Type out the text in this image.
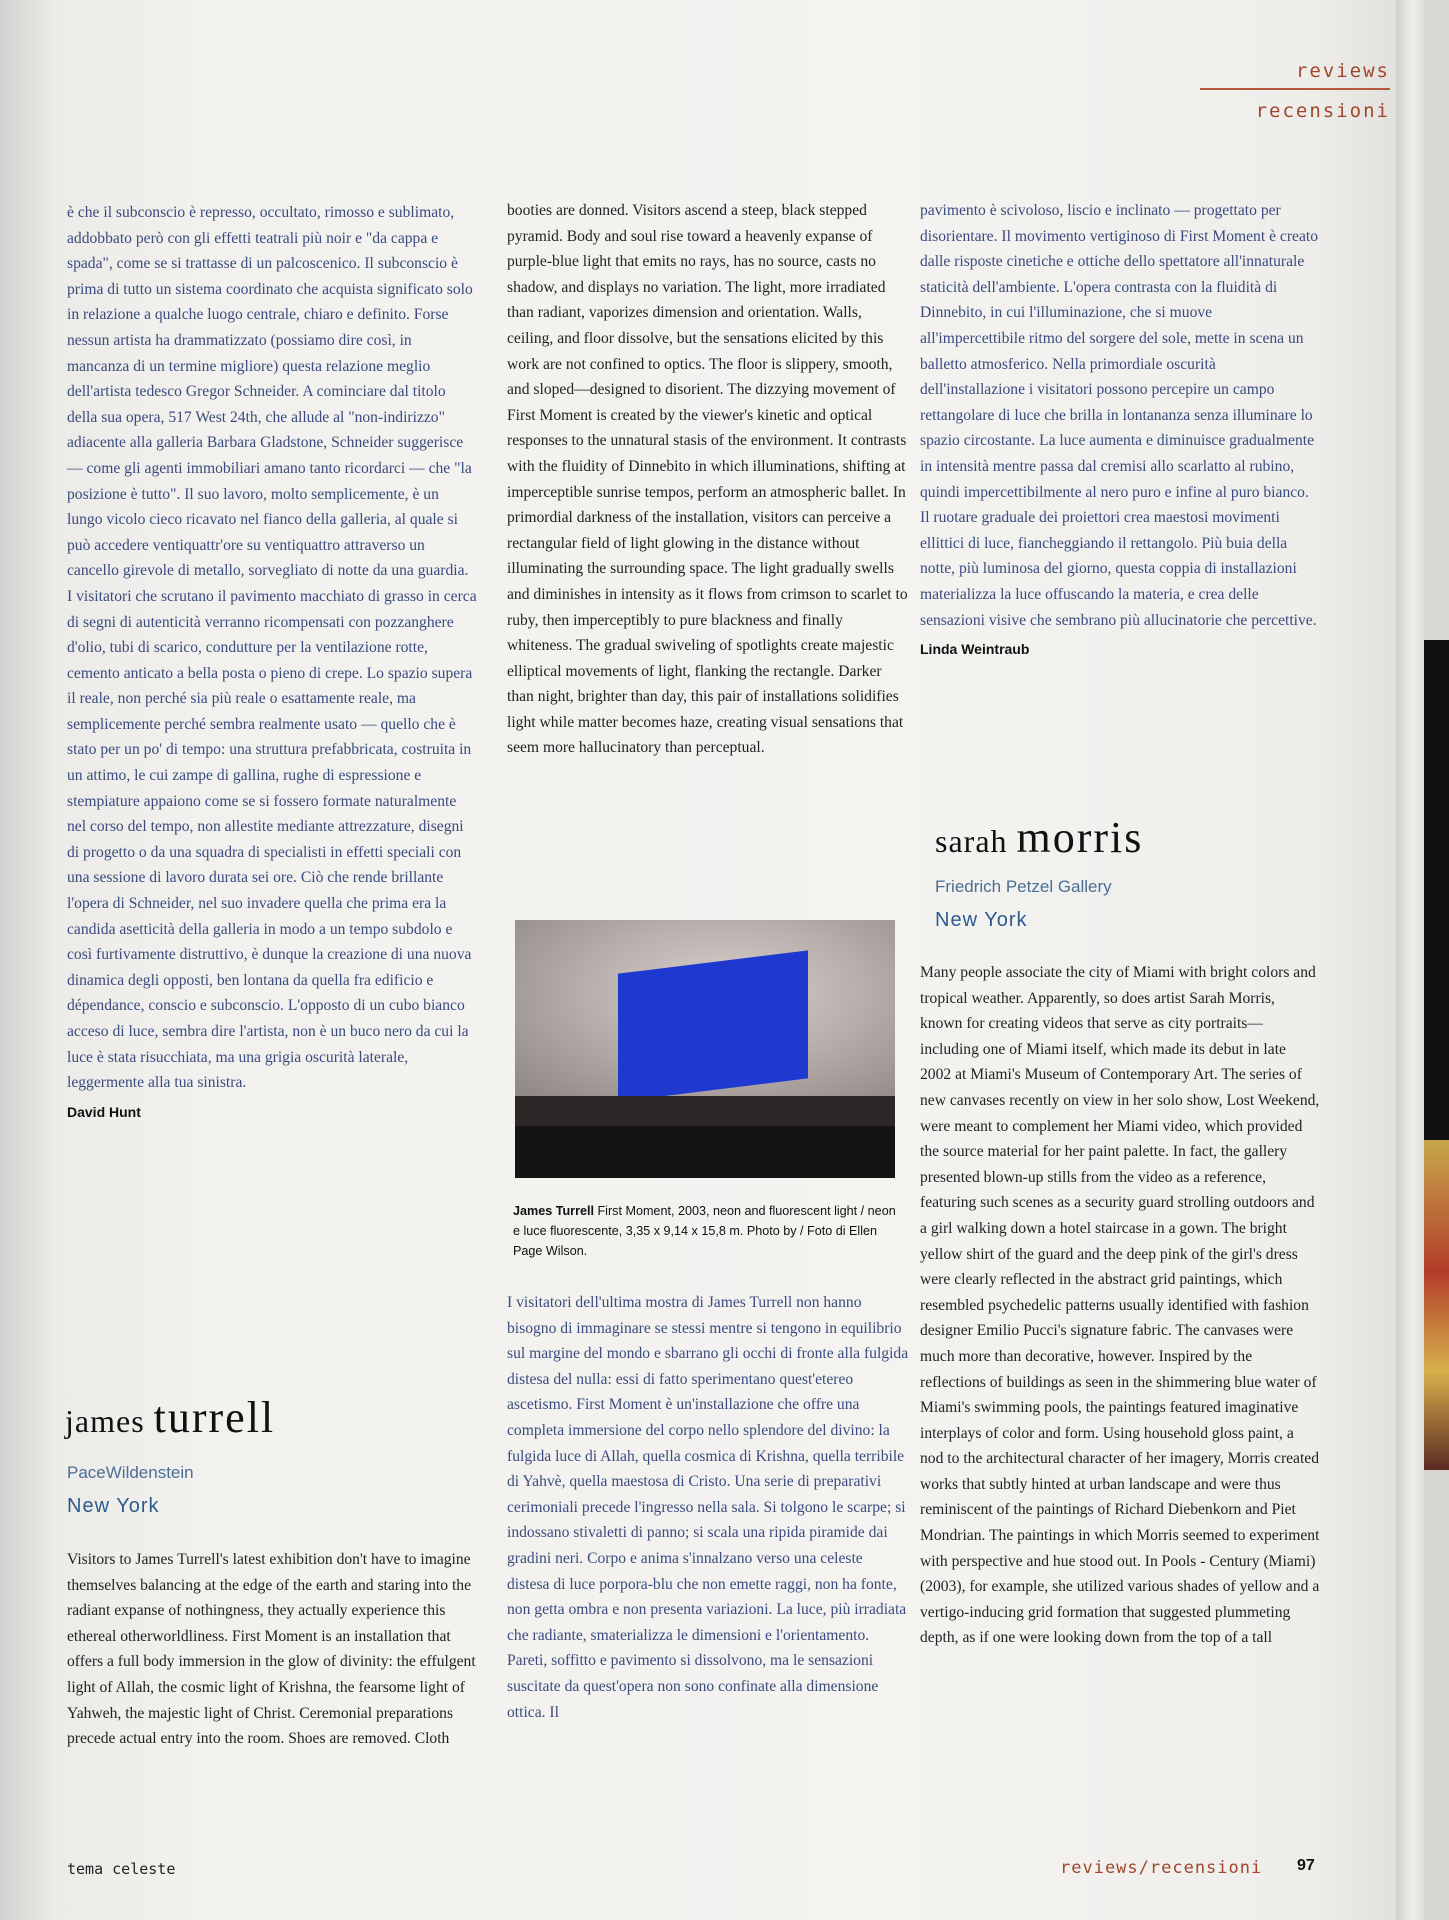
reviews
recensioni

è che il subconscio è represso, occultato, rimosso e sublimato, addobbato però con gli effetti teatrali più noir e "da cappa e spada", come se si trattasse di un palcoscenico. Il subconscio è prima di tutto un sistema coordinato che acquista significato solo in relazione a qualche luogo centrale, chiaro e definito. Forse nessun artista ha drammatizzato (possiamo dire così, in mancanza di un termine migliore) questa relazione meglio dell'artista tedesco Gregor Schneider. A cominciare dal titolo della sua opera, 517 West 24th, che allude al "non-indirizzo" adiacente alla galleria Barbara Gladstone, Schneider suggerisce — come gli agenti immobiliari amano tanto ricordarci — che "la posizione è tutto". Il suo lavoro, molto semplicemente, è un lungo vicolo cieco ricavato nel fianco della galleria, al quale si può accedere ventiquattr'ore su ventiquattro attraverso un cancello girevole di metallo, sorvegliato di notte da una guardia. I visitatori che scrutano il pavimento macchiato di grasso in cerca di segni di autenticità verranno ricompensati con pozzanghere d'olio, tubi di scarico, condutture per la ventilazione rotte, cemento anticato a bella posta o pieno di crepe. Lo spazio supera il reale, non perché sia più reale o esattamente reale, ma semplicemente perché sembra realmente usato — quello che è stato per un po' di tempo: una struttura prefabbricata, costruita in un attimo, le cui zampe di gallina, rughe di espressione e stempiature appaiono come se si fossero formate naturalmente nel corso del tempo, non allestite mediante attrezzature, disegni di progetto o da una squadra di specialisti in effetti speciali con una sessione di lavoro durata sei ore. Ciò che rende brillante l'opera di Schneider, nel suo invadere quella che prima era la candida asetticità della galleria in modo a un tempo subdolo e così furtivamente distruttivo, è dunque la creazione di una nuova dinamica degli opposti, ben lontana da quella fra edificio e dépendance, conscio e subconscio. L'opposto di un cubo bianco acceso di luce, sembra dire l'artista, non è un buco nero da cui la luce è stata risucchiata, ma una grigia oscurità laterale, leggermente alla tua sinistra.

David Hunt
james turrell
PaceWildenstein
New York

Visitors to James Turrell's latest exhibition don't have to imagine themselves balancing at the edge of the earth and staring into the radiant expanse of nothingness, they actually experience this ethereal otherworldliness. First Moment is an installation that offers a full body immersion in the glow of divinity: the effulgent light of Allah, the cosmic light of Krishna, the fearsome light of Yahweh, the majestic light of Christ. Ceremonial preparations precede actual entry into the room. Shoes are removed. Cloth

booties are donned. Visitors ascend a steep, black stepped pyramid. Body and soul rise toward a heavenly expanse of purple-blue light that emits no rays, has no source, casts no shadow, and displays no variation. The light, more irradiated than radiant, vaporizes dimension and orientation. Walls, ceiling, and floor dissolve, but the sensations elicited by this work are not confined to optics. The floor is slippery, smooth, and sloped—designed to disorient. The dizzying movement of First Moment is created by the viewer's kinetic and optical responses to the unnatural stasis of the environment. It contrasts with the fluidity of Dinnebito in which illuminations, shifting at imperceptible sunrise tempos, perform an atmospheric ballet. In primordial darkness of the installation, visitors can perceive a rectangular field of light glowing in the distance without illuminating the surrounding space. The light gradually swells and diminishes in intensity as it flows from crimson to scarlet to ruby, then imperceptibly to pure blackness and finally whiteness. The gradual swiveling of spotlights create majestic elliptical movements of light, flanking the rectangle. Darker than night, brighter than day, this pair of installations solidifies light while matter becomes haze, creating visual sensations that seem more hallucinatory than perceptual.

James Turrell First Moment, 2003, neon and fluorescent light / neon e luce fluorescente, 3,35 x 9,14 x 15,8 m. Photo by / Foto di Ellen Page Wilson.

I visitatori dell'ultima mostra di James Turrell non hanno bisogno di immaginare se stessi mentre si tengono in equilibrio sul margine del mondo e sbarrano gli occhi di fronte alla fulgida distesa del nulla: essi di fatto sperimentano quest'etereo ascetismo. First Moment è un'installazione che offre una completa immersione del corpo nello splendore del divino: la fulgida luce di Allah, quella cosmica di Krishna, quella terribile di Yahvè, quella maestosa di Cristo. Una serie di preparativi cerimoniali precede l'ingresso nella sala. Si tolgono le scarpe; si indossano stivaletti di panno; si scala una ripida piramide dai gradini neri. Corpo e anima s'innalzano verso una celeste distesa di luce porpora-blu che non emette raggi, non ha fonte, non getta ombra e non presenta variazioni. La luce, più irradiata che radiante, smaterializza le dimensioni e l'orientamento. Pareti, soffitto e pavimento si dissolvono, ma le sensazioni suscitate da quest'opera non sono confinate alla dimensione ottica. Il

pavimento è scivoloso, liscio e inclinato — progettato per disorientare. Il movimento vertiginoso di First Moment è creato dalle risposte cinetiche e ottiche dello spettatore all'innaturale staticità dell'ambiente. L'opera contrasta con la fluidità di Dinnebito, in cui l'illuminazione, che si muove all'impercettibile ritmo del sorgere del sole, mette in scena un balletto atmosferico. Nella primordiale oscurità dell'installazione i visitatori possono percepire un campo rettangolare di luce che brilla in lontananza senza illuminare lo spazio circostante. La luce aumenta e diminuisce gradualmente in intensità mentre passa dal cremisi allo scarlatto al rubino, quindi impercettibilmente al nero puro e infine al puro bianco. Il ruotare graduale dei proiettori crea maestosi movimenti ellittici di luce, fiancheggiando il rettangolo. Più buia della notte, più luminosa del giorno, questa coppia di installazioni materializza la luce offuscando la materia, e crea delle sensazioni visive che sembrano più allucinatorie che percettive.

Linda Weintraub
sarah morris
Friedrich Petzel Gallery
New York

Many people associate the city of Miami with bright colors and tropical weather. Apparently, so does artist Sarah Morris, known for creating videos that serve as city portraits—including one of Miami itself, which made its debut in late 2002 at Miami's Museum of Contemporary Art. The series of new canvases recently on view in her solo show, Lost Weekend, were meant to complement her Miami video, which provided the source material for her paint palette. In fact, the gallery presented blown-up stills from the video as a reference, featuring such scenes as a security guard strolling outdoors and a girl walking down a hotel staircase in a gown. The bright yellow shirt of the guard and the deep pink of the girl's dress were clearly reflected in the abstract grid paintings, which resembled psychedelic patterns usually identified with fashion designer Emilio Pucci's signature fabric. The canvases were much more than decorative, however. Inspired by the reflections of buildings as seen in the shimmering blue water of Miami's swimming pools, the paintings featured imaginative interplays of color and form. Using household gloss paint, a nod to the architectural character of her imagery, Morris created works that subtly hinted at urban landscape and were thus reminiscent of the paintings of Richard Diebenkorn and Piet Mondrian. The paintings in which Morris seemed to experiment with perspective and hue stood out. In Pools - Century (Miami) (2003), for example, she utilized various shades of yellow and a vertigo-inducing grid formation that suggested plummeting depth, as if one were looking down from the top of a tall

tema celeste	reviews/recensioni 97
